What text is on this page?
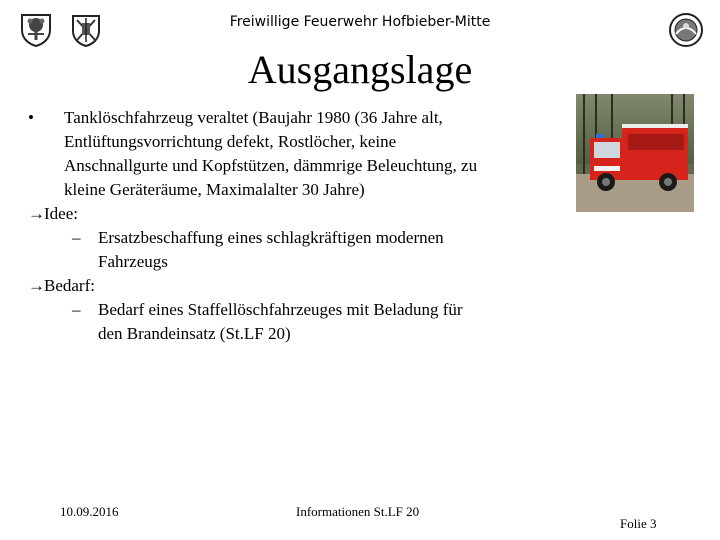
Freiwillige Feuerwehr Hofbieber-Mitte
Ausgangslage
• Tanklöschfahrzeug veraltet (Baujahr 1980 (36 Jahre alt,
Entlüftungsvorrichtung defekt, Rostlöcher, keine
Anschnallgurte und Kopfstützen, dämmrige Beleuchtung, zu
kleine Geräteräume, Maximalalter 30 Jahre)
→ Idee:
– Ersatzbeschaffung eines schlagkräftigen modernen
Fahrzeugs
→ Bedarf:
– Bedarf eines Staffellöschfahrzeuges mit Beladung für
den Brandeinsatz (St.LF 20)
10.09.2016	Informationen St.LF 20
Folie 3
